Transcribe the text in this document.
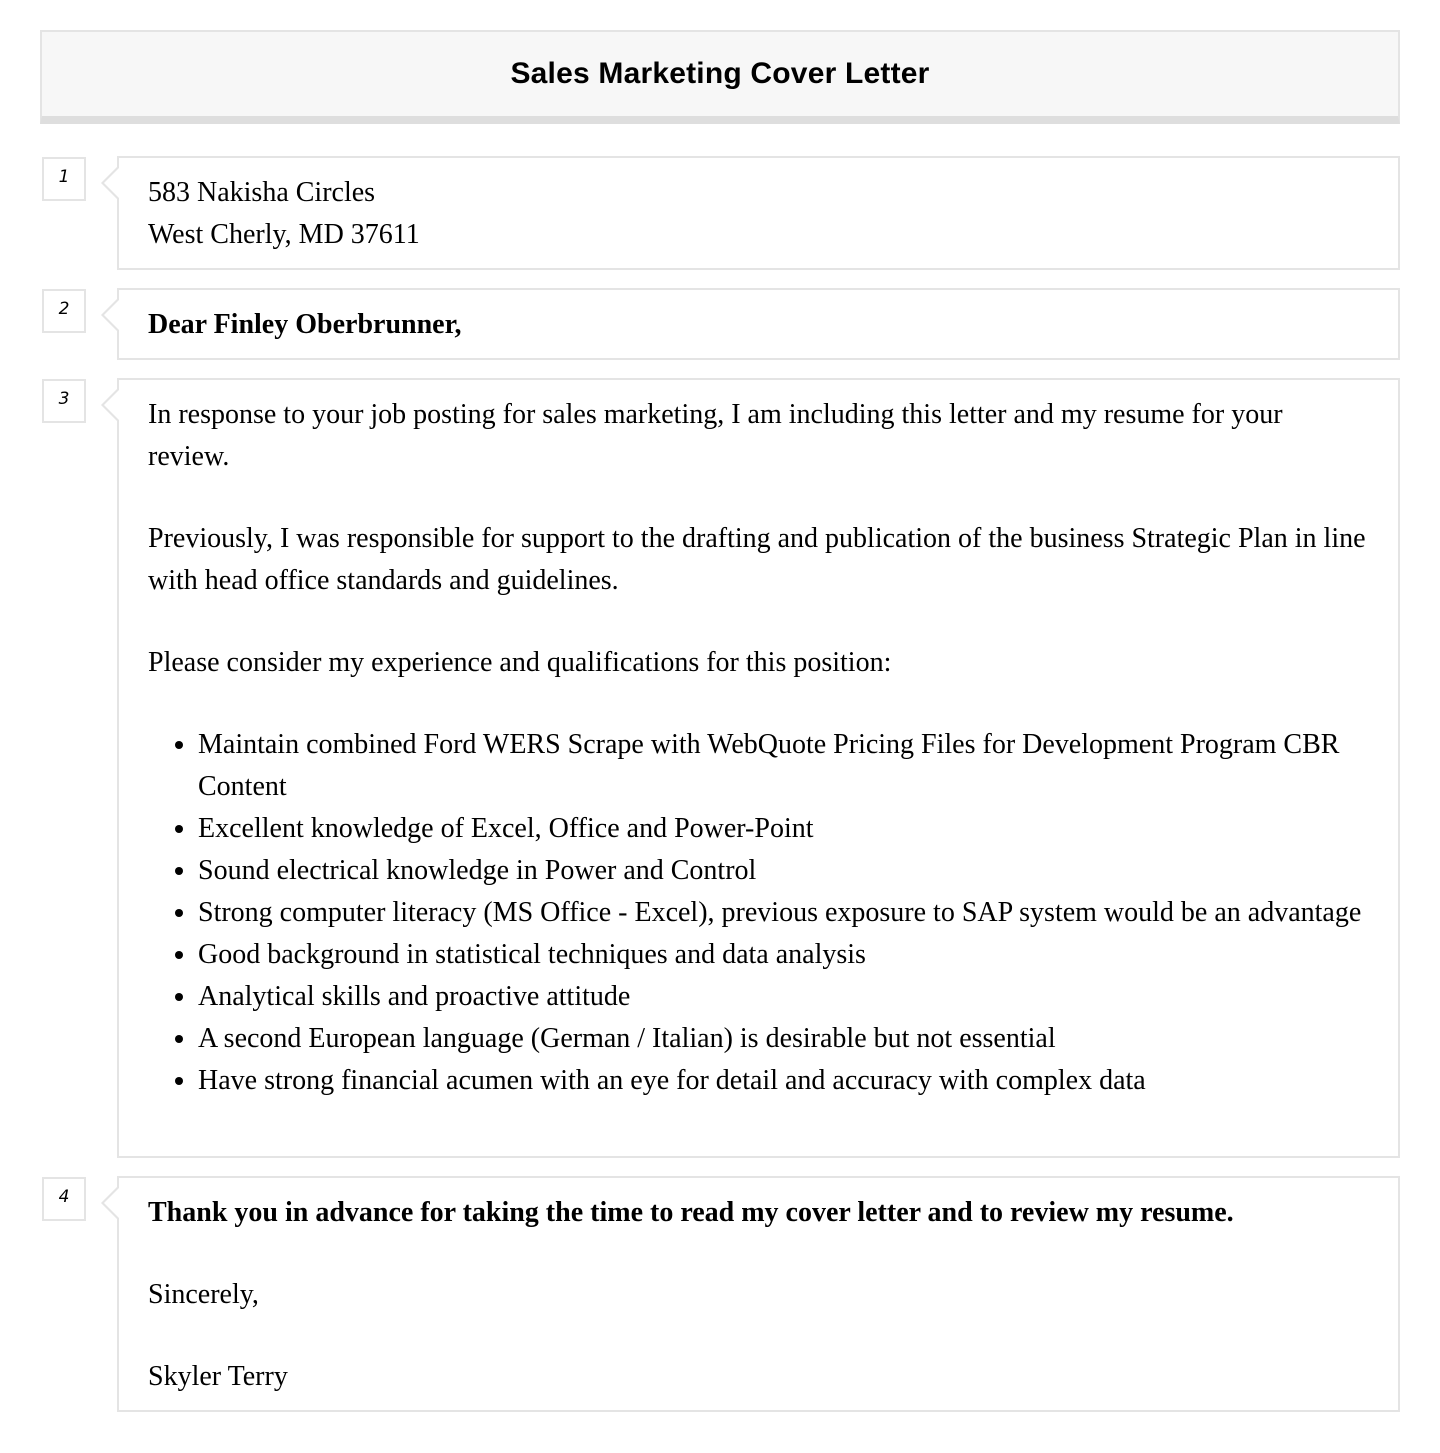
Sales Marketing Cover Letter
1	583 Nakisha Circles

West Cherly, MD 37611

2	Dear Finley Oberbrunner,

3	In response to your job posting for sales marketing, I am including this letter and my resume for your review.

Previously, I was responsible for support to the drafting and publication of the business Strategic Plan in line with head office standards and guidelines.

Please consider my experience and qualifications for this position:

• Maintain combined Ford WERS Scrape with WebQuote Pricing Files for Development Program CBR Content
• Excellent knowledge of Excel, Office and Power-Point
• Sound electrical knowledge in Power and Control
• Strong computer literacy (MS Office - Excel), previous exposure to SAP system would be an advantage
• Good background in statistical techniques and data analysis
• Analytical skills and proactive attitude
• A second European language (German / Italian) is desirable but not essential
• Have strong financial acumen with an eye for detail and accuracy with complex data
4	Thank you in advance for taking the time to read my cover letter and to review my resume.

Sincerely,

Skyler Terry
